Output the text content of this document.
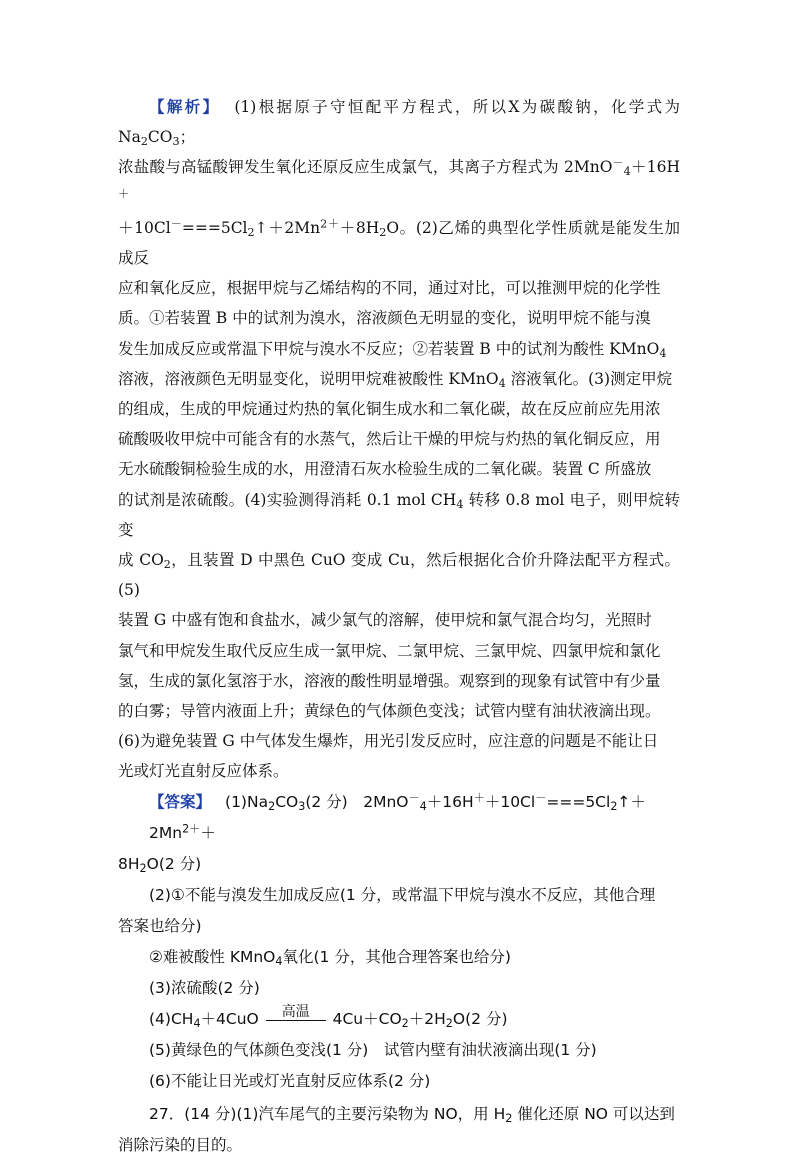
【解析】 (1)根据原子守恒配平方程式，所以X为碳酸钠，化学式为$Na_2CO_3$；

浓盐酸与高锰酸钾发生氧化还原反应生成氯气，其离子方程式为 2MnO－$_4$＋16H＋

$+10Cl^-===5Cl_2↑+2Mn^{2+}+8H_2O$。(2)乙烯的典型化学性质就是能发生加成反

应和氧化反应，根据甲烷与乙烯结构的不同，通过对比，可以推测甲烷的化学性

质。①若装置 B 中的试剂为溴水，溶液颜色无明显的变化，说明甲烷不能与溴

发生加成反应或常温下甲烷与溴水不反应；②若装置 B 中的试剂为酸性 KMnO$_4$

溶液，溶液颜色无明显变化，说明甲烷难被酸性 KMnO$_4$ 溶液氧化。(3)测定甲烷

的组成，生成的甲烷通过灼热的氧化铜生成水和二氧化碳，故在反应前应先用浓

硫酸吸收甲烷中可能含有的水蒸气，然后让干燥的甲烷与灼热的氧化铜反应，用

无水硫酸铜检验生成的水，用澄清石灰水检验生成的二氧化碳。装置 C 所盛放

的试剂是浓硫酸。(4)实验测得消耗 0.1 mol $CH_4$ 转移 0.8 mol 电子，则甲烷转变

成 $CO_2$，且装置 D 中黑色 CuO 变成 Cu，然后根据化合价升降法配平方程式。(5)

装置 G 中盛有饱和食盐水，减少氯气的溶解，使甲烷和氯气混合均匀，光照时

氯气和甲烷发生取代反应生成一氯甲烷、二氯甲烷、三氯甲烷、四氯甲烷和氯化

氢，生成的氯化氢溶于水，溶液的酸性明显增强。观察到的现象有试管中有少量

的白雾；导管内液面上升；黄绿色的气体颜色变浅；试管内壁有油状液滴出现。

(6)为避免装置 G 中气体发生爆炸，用光引发反应时，应注意的问题是不能让日

光或灯光直射反应体系。

【答案】 $(1)Na_2CO_3(2$ 分)　$2MnO^-_4+16H^++10Cl^-===5Cl_2↑+2Mn^{2+}+$

$8H_2O(2$ 分)

(2)①不能与溴发生加成反应(1 分，或常温下甲烷与溴水不反应，其他合理

答案也给分)

②难被酸性 KMnO$_4$氧化(1 分，其他合理答案也给分)

(3)浓硫酸(2 分)

$(4)CH_4+4CuO$	高温	$4Cu+CO_2+2H_2O(2$ 分)

(5)黄绿色的气体颜色变浅(1 分)　试管内壁有油状液滴出现(1 分)

(6)不能让日光或灯光直射反应体系(2 分)

27．(14 分)(1)汽车尾气的主要污染物为 NO，用 $H_2$ 催化还原 NO 可以达到

消除污染的目的。
